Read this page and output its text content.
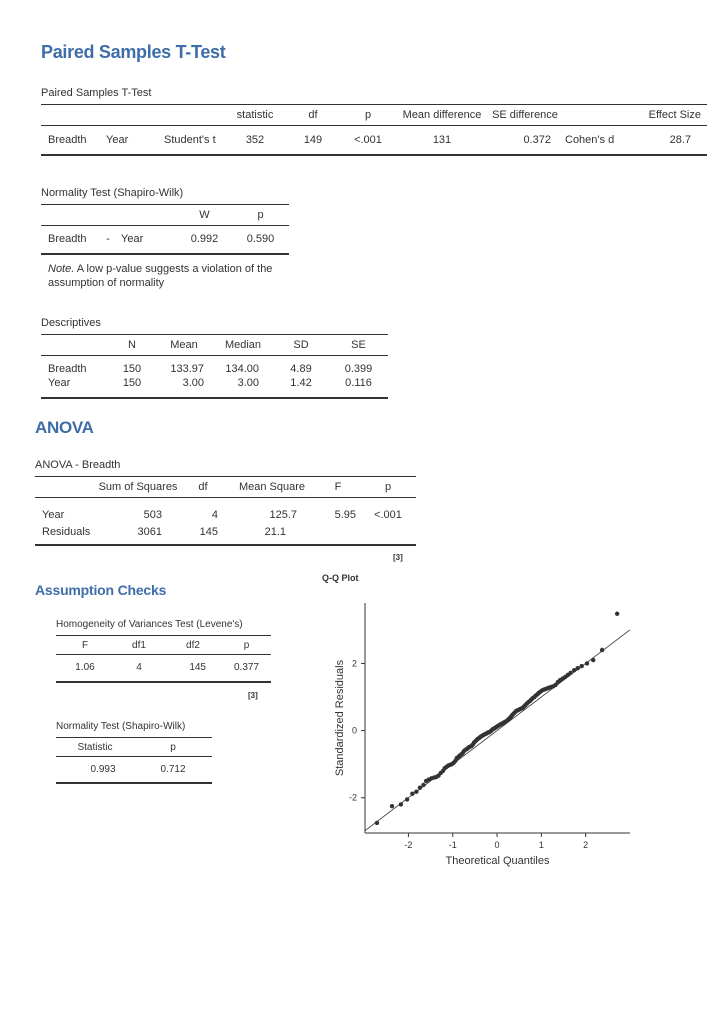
Paired Samples T-Test
Paired Samples T-Test
			statistic	df	p	Mean difference	SE difference		Effect Size
Breadth	Year	Student's t	352	149	<.001	131	0.372	Cohen's d	28.7
Normality Test (Shapiro-Wilk)
			W	p
Breadth	-	Year	0.992	0.590
Note. A low p-value suggests a violation of the assumption of normality
Descriptives
	N	Mean	Median	SD	SE

Breadth	150	133.97	134.00	4.89	0.399
Year	150	3.00	3.00	1.42	0.116
ANOVA
ANOVA - Breadth
	Sum of Squares	df	Mean Square	F	p
Year	503	4	125.7	5.95	<.001
Residuals	3061	145	21.1		
[3]
Assumption Checks
Homogeneity of Variances Test (Levene's)
F	df1	df2	p
1.06	4	145	0.377
[3]
Normality Test (Shapiro-Wilk)
Statistic	p
0.993	0.712
Q-Q Plot
-2	-1	0	1	2
-2
0
2
Theoretical Quantiles
Standardized Residuals
